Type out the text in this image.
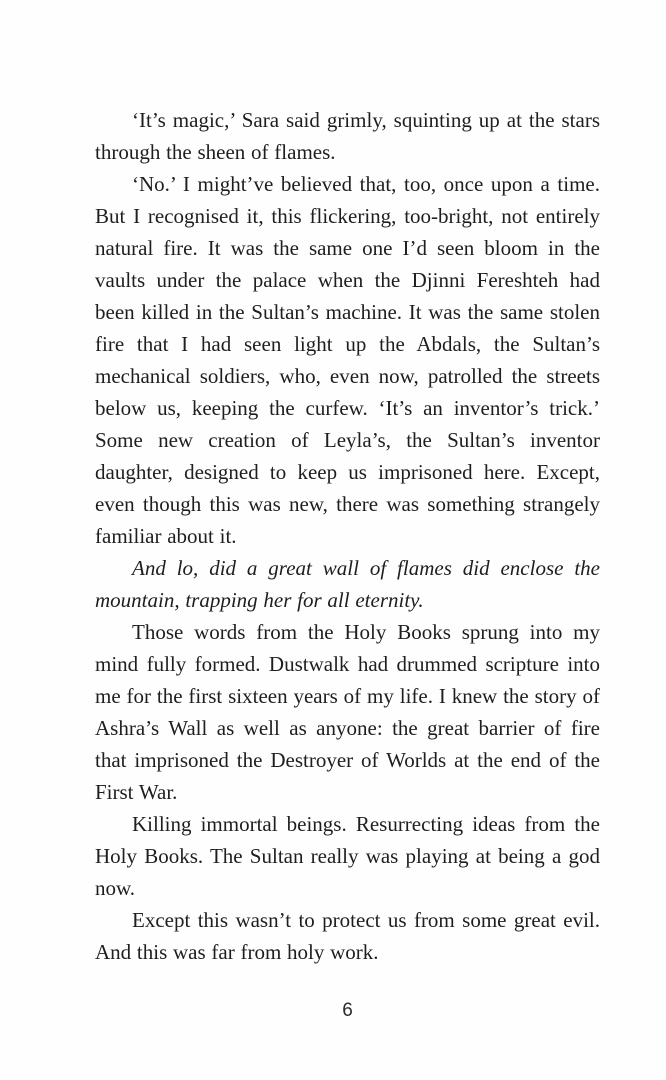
‘It’s magic,’ Sara said grimly, squinting up at the stars through the sheen of flames.

‘No.’ I might’ve believed that, too, once upon a time. But I recognised it, this flickering, too-bright, not entirely natural fire. It was the same one I’d seen bloom in the vaults under the palace when the Djinni Fereshteh had been killed in the Sultan’s machine. It was the same stolen fire that I had seen light up the Abdals, the Sultan’s mechanical soldiers, who, even now, patrolled the streets below us, keeping the curfew. ‘It’s an inventor’s trick.’ Some new creation of Leyla’s, the Sultan’s inventor daughter, designed to keep us imprisoned here. Except, even though this was new, there was something strangely familiar about it.

And lo, did a great wall of flames did enclose the mountain, trapping her for all eternity.

Those words from the Holy Books sprung into my mind fully formed. Dustwalk had drummed scripture into me for the first sixteen years of my life. I knew the story of Ashra’s Wall as well as anyone: the great barrier of fire that imprisoned the Destroyer of Worlds at the end of the First War.

Killing immortal beings. Resurrecting ideas from the Holy Books. The Sultan really was playing at being a god now.

Except this wasn’t to protect us from some great evil. And this was far from holy work.

6
